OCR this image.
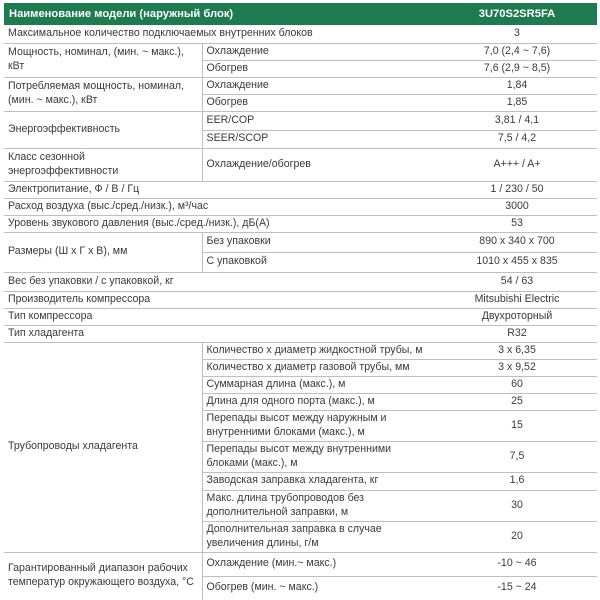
Наименование модели (наружный блок)		3U70S2SR5FA
Максимальное количество подключаемых внутренних блоков		3
Мощность, номинал, (мин. ~ макс.), кВт	Охлаждение	7,0 (2,4 ~ 7,6)
	Обогрев	7,6 (2,9 ~ 8,5)
Потребляемая мощность, номинал, (мин. ~ макс.), кВт	Охлаждение	1,84
	Обогрев	1,85
Энергоэффективность	EER/COP	3,81 / 4,1
	SEER/SCOP	7,5 / 4,2
Класс сезонной энергоэффективности	Охлаждение/обогрев	A+++ / A+
Электропитание, Ф / В / Гц		1 / 230 / 50
Расход воздуха (выс./сред./низк.), м³/час		3000
Уровень звукового давления (выс./сред./низк.), дБ(А)		53
Размеры (Ш х Г х В), мм	Без упаковки	890 x 340 x 700
	С упаковкой	1010 x 455 x 835
Вес без упаковки / с упаковкой, кг		54 / 63
Производитель компрессора		Mitsubishi Electric
Тип компрессора		Двухроторный
Тип хладагента		R32
Трубопроводы хладагента	Количество х диаметр жидкостной трубы, м	3 x 6,35
	Количество х диаметр газовой трубы, мм	3 x 9,52
	Суммарная длина (макс.), м	60
	Длина для одного порта (макс.), м	25
	Перепады высот между наружным и внутренними блоками (макс.), м	15
	Перепады высот между внутренними блоками (макс.), м	7,5
	Заводская заправка хладагента, кг	1,6
	Макс. длина трубопроводов без дополнительной заправки, м	30
	Дополнительная заправка в случае увеличения длины, г/м	20
Гарантированный диапазон рабочих температур окружающего воздуха, °С	Охлаждение (мин.~ макс.)	-10 ~ 46
	Обогрев (мин. ~ макс.)	-15 ~ 24
